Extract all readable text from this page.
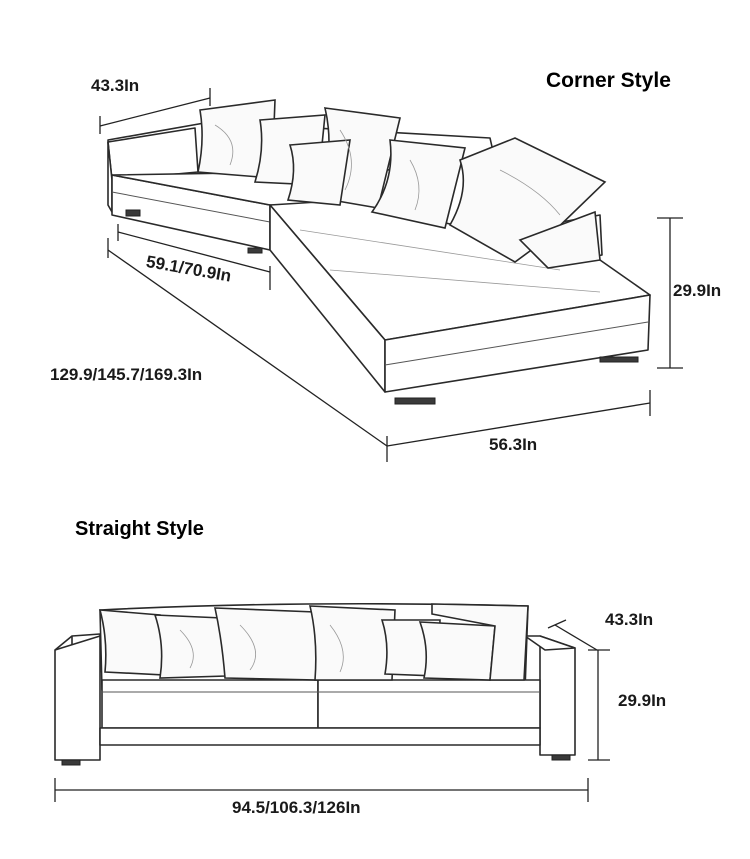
Corner Style
Straight Style
43.3In
59.1/70.9In
129.9/145.7/169.3In
56.3In
29.9In
43.3In
29.9In
94.5/106.3/126In
